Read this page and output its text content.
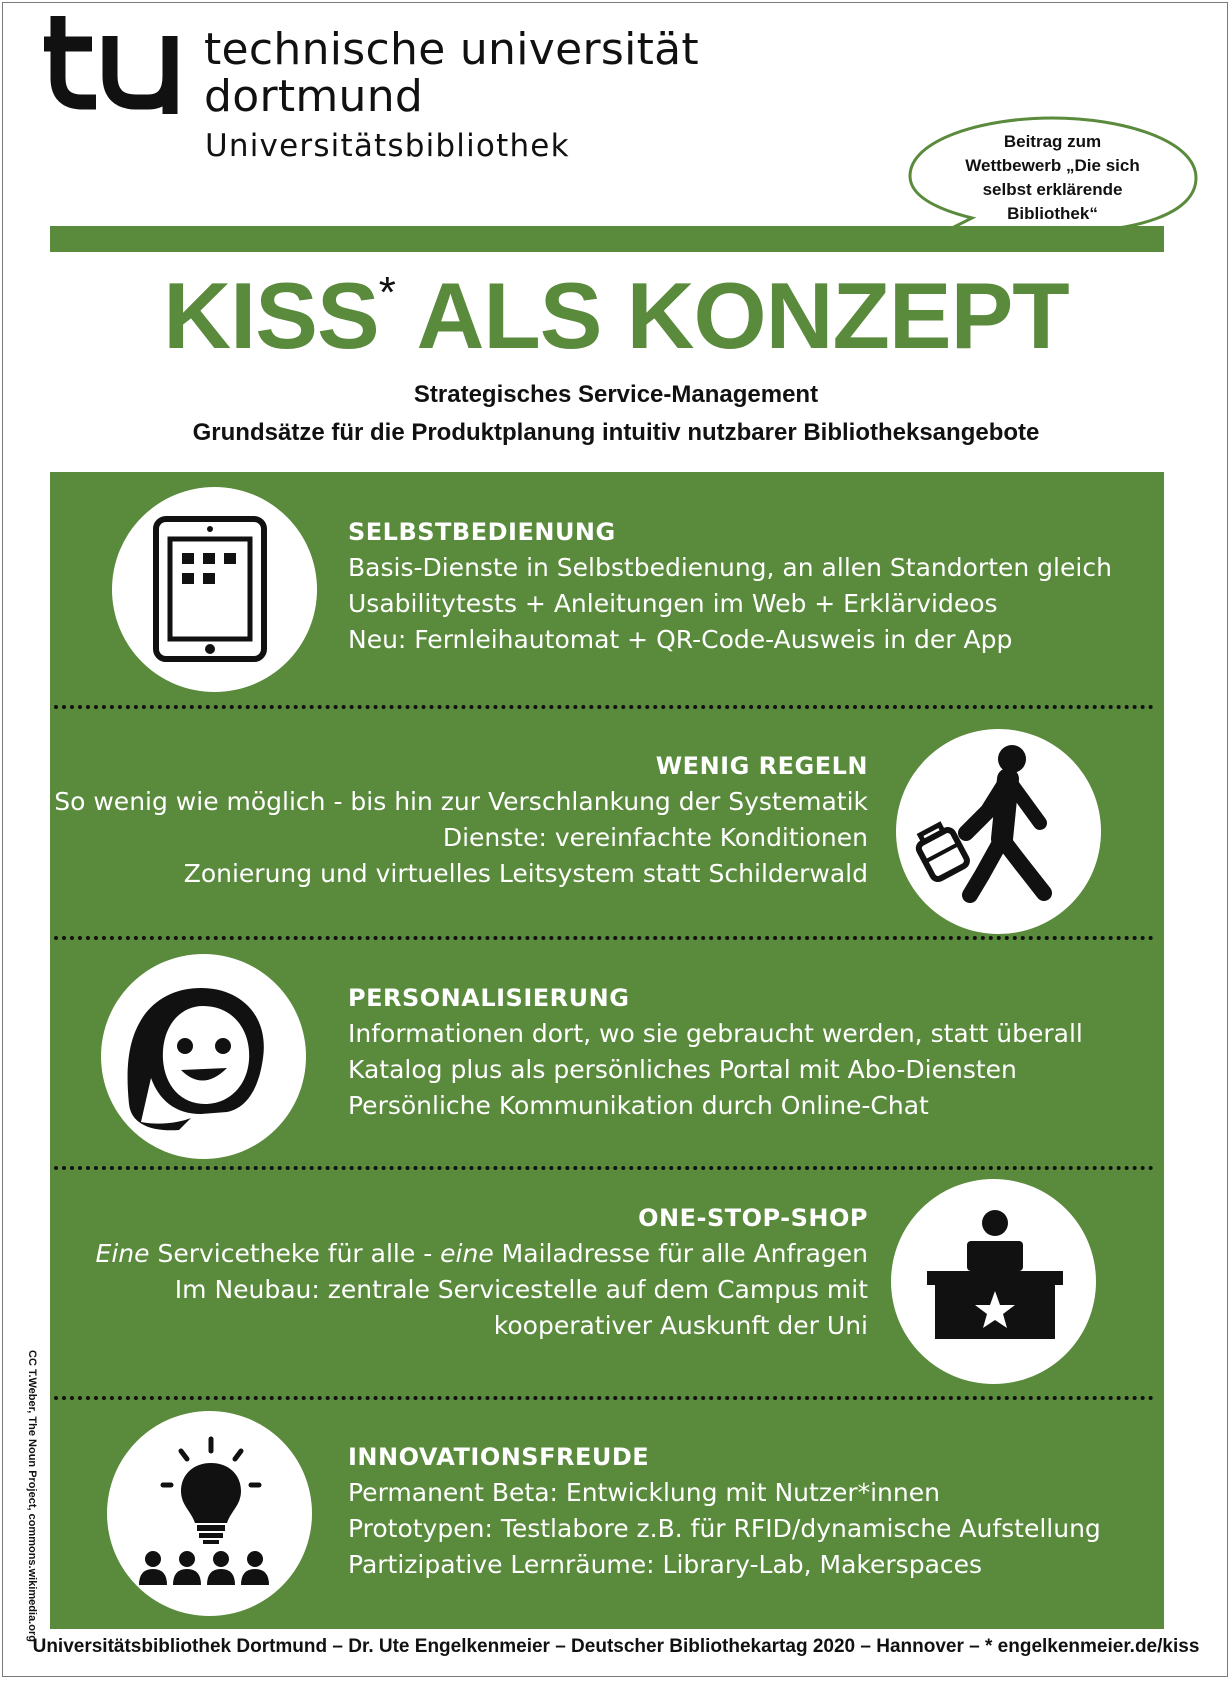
technische universität
dortmund
Universitätsbibliothek	Beitrag zum
Wettbewerb „Die sich
selbst erklärende
Bibliothek“
KISS* ALS KONZEPT
Strategisches Service-Management
Grundsätze für die Produktplanung intuitiv nutzbarer Bibliotheksangebote
SELBSTBEDIENUNG
Basis-Dienste in Selbstbedienung, an allen Standorten gleich
Usabilitytests + Anleitungen im Web + Erklärvideos
Neu: Fernleihautomat + QR-Code-Ausweis in der App
WENIG REGELN
So wenig wie möglich - bis hin zur Verschlankung der Systematik
Dienste: vereinfachte Konditionen
Zonierung und virtuelles Leitsystem statt Schilderwald
PERSONALISIERUNG
Informationen dort, wo sie gebraucht werden, statt überall
Katalog plus als persönliches Portal mit Abo-Diensten
Persönliche Kommunikation durch Online-Chat
ONE-STOP-SHOP
Eine Servicetheke für alle - eine Mailadresse für alle Anfragen
Im Neubau: zentrale Servicestelle auf dem Campus mit
kooperativer Auskunft der Uni
INNOVATIONSFREUDE
Permanent Beta: Entwicklung mit Nutzer*innen
Prototypen: Testlabore z.B. für RFID/dynamische Aufstellung
Partizipative Lernräume: Library-Lab, Makerspaces
CC T.Weber, The Noun Project, commons.wikimedia.org
Universitätsbibliothek Dortmund – Dr. Ute Engelkenmeier – Deutscher Bibliothekartag 2020 – Hannover – * engelkenmeier.de/kiss
